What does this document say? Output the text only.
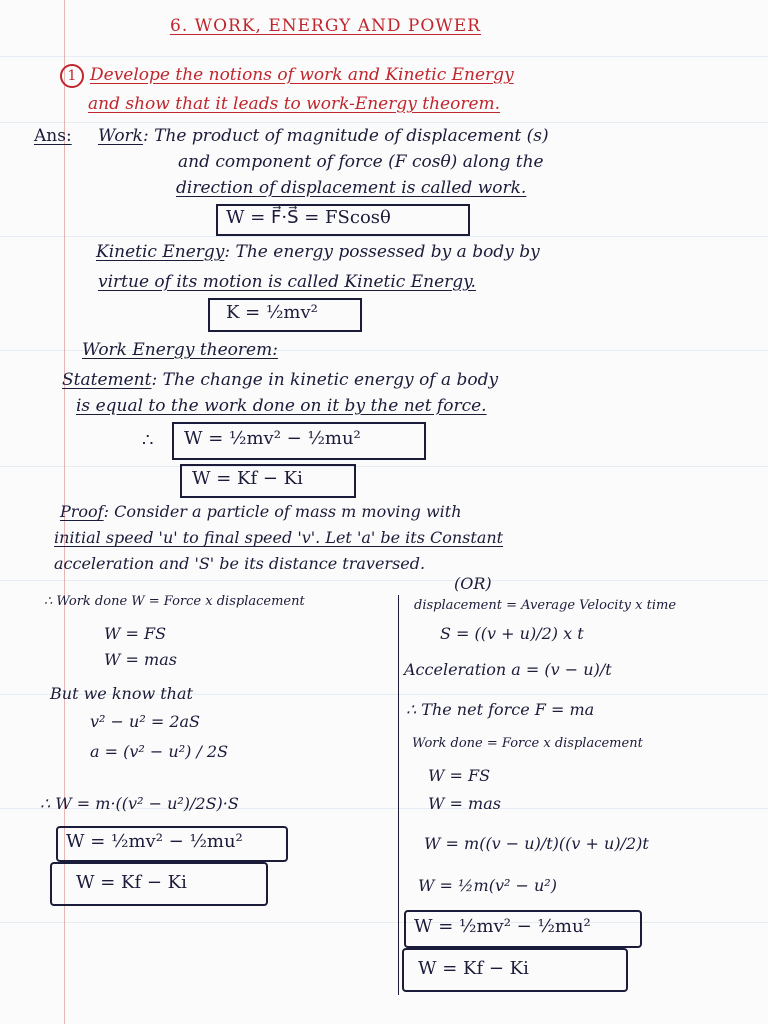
6. WORK, ENERGY AND POWER
1 Develope the notions of work and Kinetic Energy
and show that it leads to work-Energy theorem.
Ans: Work: The product of magnitude of displacement (s)
and component of force (F cosθ) along the
direction of displacement is called work.
W = F⃗·S⃗ = FScosθ
Kinetic Energy: The energy possessed by a body by
virtue of its motion is called Kinetic Energy.
K = ½mv²
Work Energy theorem:
Statement: The change in kinetic energy of a body
is equal to the work done on it by the net force.
∴ W = ½mv² − ½mu²
W = Kf − Ki
Proof: Consider a particle of mass m moving with
initial speed 'u' to final speed 'v'. Let 'a' be its Constant
acceleration and 'S' be its distance traversed.
∴ Work done W = Force x displacement
W = FS
W = mas
But we know that
v² − u² = 2aS
a = (v² − u²) / 2S
∴ W = m·((v² − u²)/2S)·S
W = ½mv² − ½mu²
W = Kf − Ki
(OR)
displacement = Average Velocity x time
S = ((v + u)/2) x t
Acceleration a = (v − u)/t
∴ The net force F = ma
Work done = Force x displacement
W = FS
W = mas
W = m((v − u)/t)((v + u)/2)t
W = ½m(v² − u²)
W = ½mv² − ½mu²
W = Kf − Ki
